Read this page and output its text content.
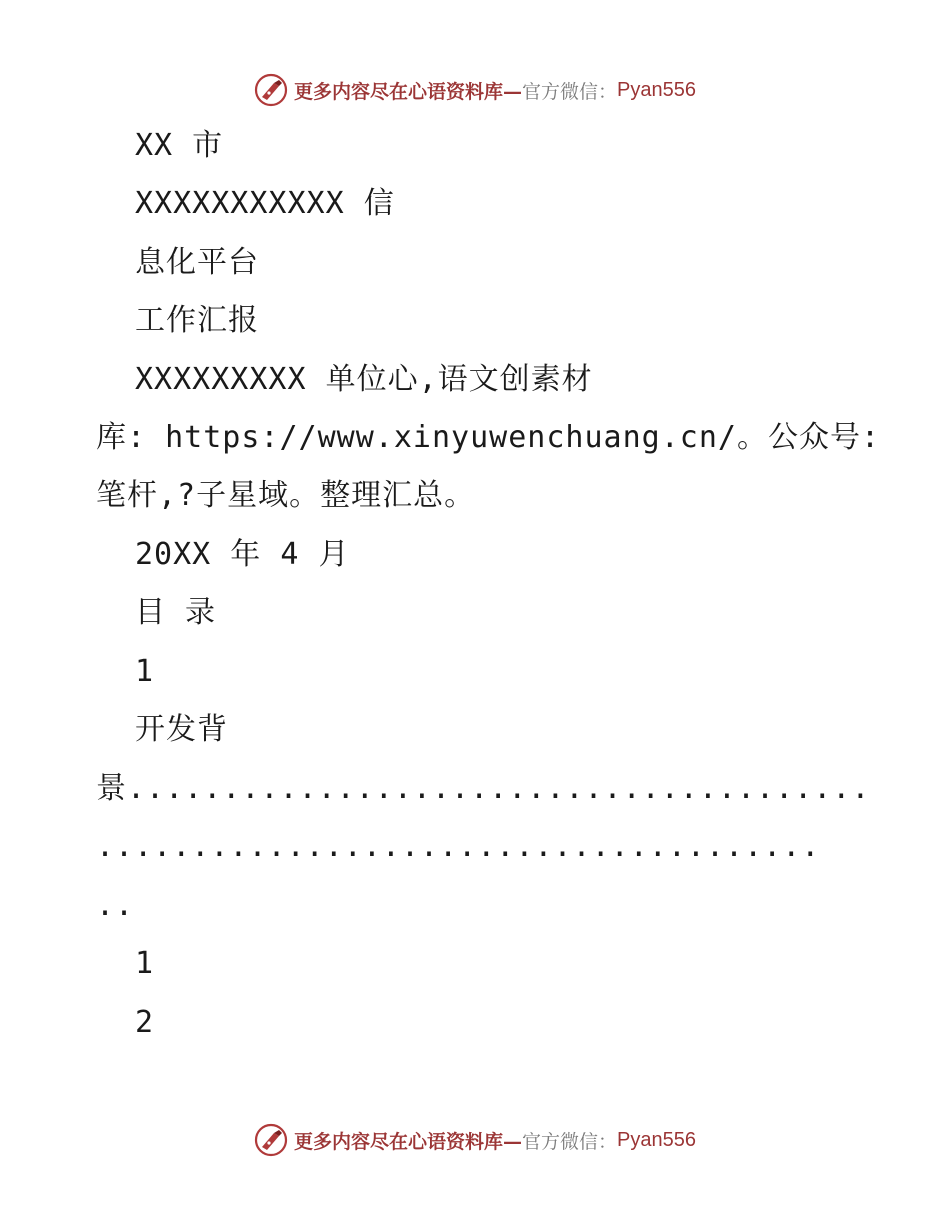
更多内容尽在心语资料库— 官方微信： Pyan556
XX 市
XXXXXXXXXXX 信
息化平台
工作汇报
XXXXXXXXX 单位心,语文创素材
库: https://www.xinyuwenchuang.cn/。公众号:
笔杆,?子星域。整理汇总。
20XX 年 4 月
目 录
1
开发背
景.......................................
......................................
..
1
2
更多内容尽在心语资料库— 官方微信： Pyan556
